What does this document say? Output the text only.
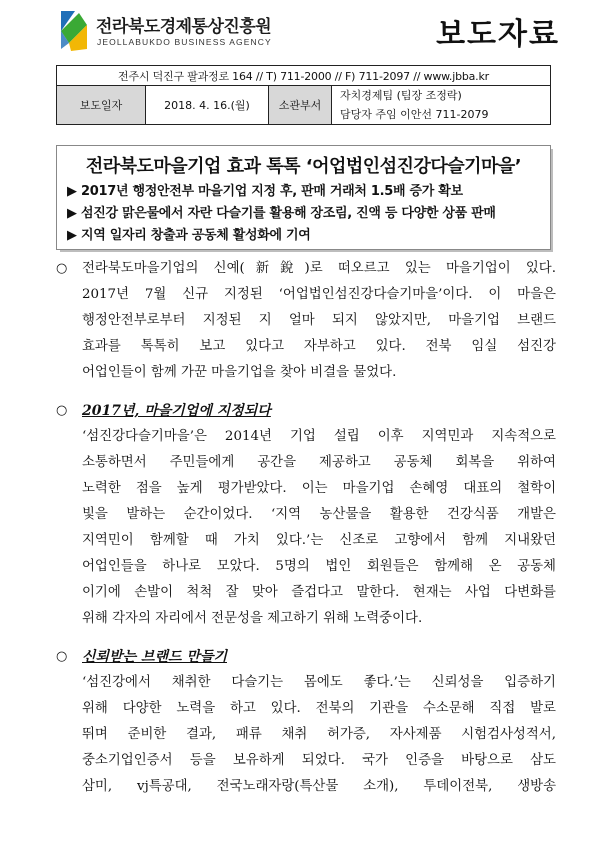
전라북도경제통상진흥원
JEOLLABUKDO BUSINESS AGENCY	보도자료
전주시 덕진구 팔과정로 164 // T) 711-2000 // F) 711-2097 // www.jbba.kr
보도일자	2018. 4. 16.(월)	소관부서	
자치경제팀 (팀장 조정락)
담당자 주임 이안선 711-2079
전라북도마을기업 효과 톡톡 ‘어업법인섬진강다슬기마을’
▶ 2017년 행정안전부 마을기업 지정 후, 판매 거래처 1.5배 증가 확보
▶ 섬진강 맑은물에서 자란 다슬기를 활용해 장조림, 진액 등 다양한 상품 판매
▶ 지역 일자리 창출과 공동체 활성화에 기여
○ 전라북도마을기업의 신예(新銳)로 떠오르고 있는 마을기업이 있다.
2017년 7월 신규 지정된 ‘어업법인섬진강다슬기마을’이다. 이 마을은
행정안전부로부터 지정된 지 얼마 되지 않았지만, 마을기업 브랜드
효과를 톡톡히 보고 있다고 자부하고 있다. 전북 임실 섬진강
어업인들이 함께 가꾼 마을기업을 찾아 비결을 물었다.
○ 2017년, 마을기업에 지정되다
‘섬진강다슬기마을’은 2014년 기업 설립 이후 지역민과 지속적으로
소통하면서 주민들에게 공간을 제공하고 공동체 회복을 위하여
노력한 점을 높게 평가받았다. 이는 마을기업 손혜영 대표의 철학이
빛을 발하는 순간이었다. ‘지역 농산물을 활용한 건강식품 개발은
지역민이 함께할 때 가치 있다.’는 신조로 고향에서 함께 지내왔던
어업인들을 하나로 모았다. 5명의 법인 회원들은 함께해 온 공동체
이기에 손발이 척척 잘 맞아 즐겁다고 말한다. 현재는 사업 다변화를
위해 각자의 자리에서 전문성을 제고하기 위해 노력중이다.
○ 신뢰받는 브랜드 만들기
‘섬진강에서 채취한 다슬기는 몸에도 좋다.’는 신뢰성을 입증하기
위해 다양한 노력을 하고 있다. 전북의 기관을 수소문해 직접 발로
뛰며 준비한 결과, 패류 채취 허가증, 자사제품 시험검사성적서,
중소기업인증서 등을 보유하게 되었다. 국가 인증을 바탕으로 삼도
삼미, vj특공대, 전국노래자랑(특산물 소개), 투데이전북, 생방송
